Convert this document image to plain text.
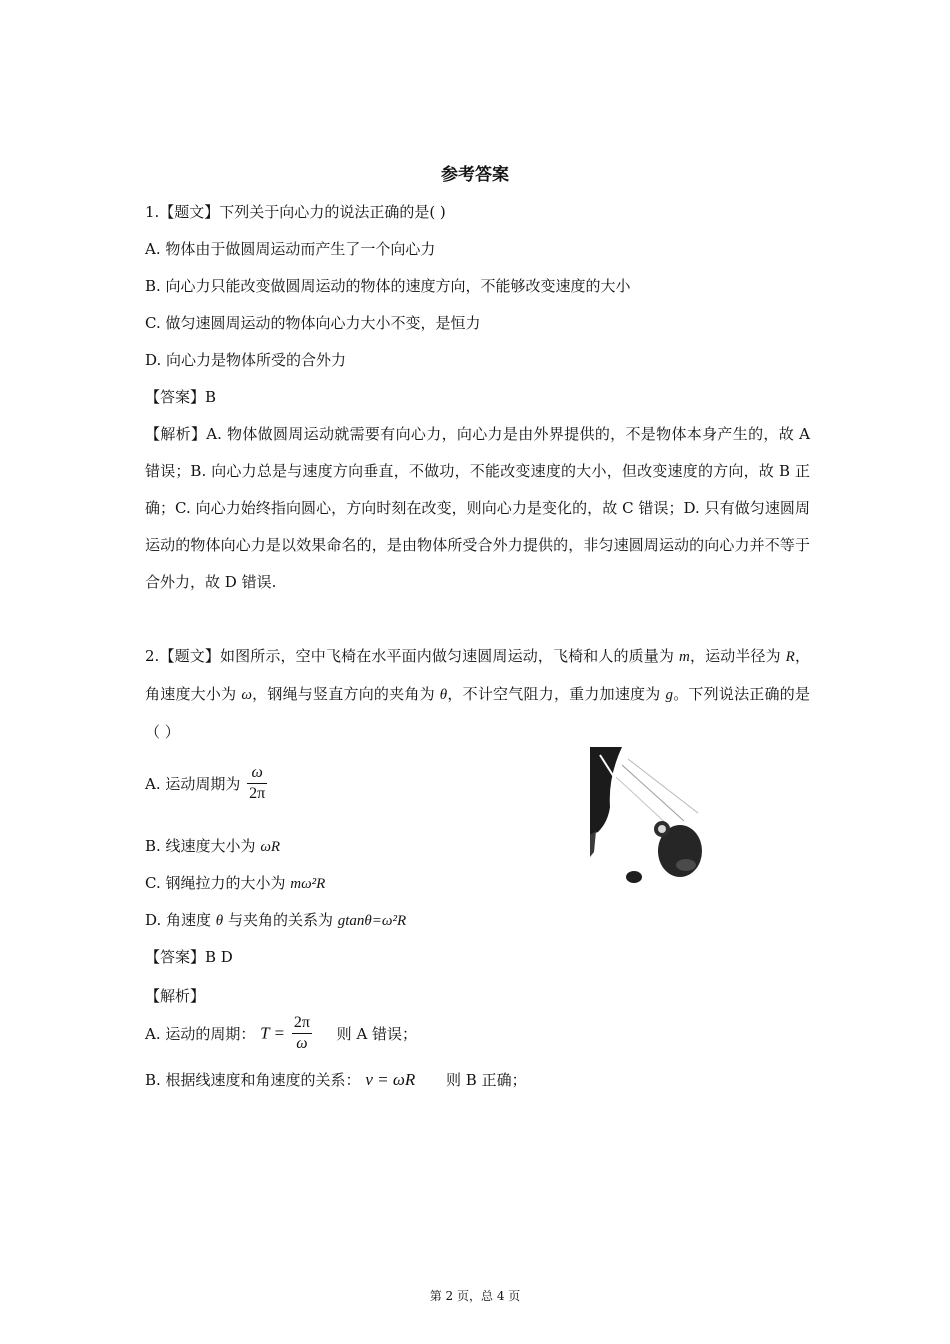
参考答案
1.【题文】下列关于向心力的说法正确的是( )
A. 物体由于做圆周运动而产生了一个向心力
B. 向心力只能改变做圆周运动的物体的速度方向，不能够改变速度的大小
C. 做匀速圆周运动的物体向心力大小不变，是恒力
D. 向心力是物体所受的合外力
【答案】B
【解析】A. 物体做圆周运动就需要有向心力，向心力是由外界提供的，不是物体本身产生的，故 A 错误；B. 向心力总是与速度方向垂直，不做功，不能改变速度的大小，但改变速度的方向，故 B 正确；C. 向心力始终指向圆心，方向时刻在改变，则向心力是变化的，故 C 错误；D. 只有做匀速圆周运动的物体向心力是以效果命名的，是由物体所受合外力提供的，非匀速圆周运动的向心力并不等于合外力，故 D 错误.
2.【题文】如图所示，空中飞椅在水平面内做匀速圆周运动，飞椅和人的质量为 m，运动半径为 R，角速度大小为 ω，钢绳与竖直方向的夹角为 θ，不计空气阻力，重力加速度为 g。下列说法正确的是（ ）
A. 运动周期为 $\frac{\omega}{2\pi}$
B. 线速度大小为 ωR
C. 钢绳拉力的大小为 mω²R
D. 角速度 θ 与夹角的关系为 gtanθ=ω²R
【答案】B D
【解析】
A. 运动的周期： $T = \frac{2\pi}{\omega}$ 则 A 错误；
B. 根据线速度和角速度的关系： v = ωR 则 B 正确；
第 2 页，总 4 页
